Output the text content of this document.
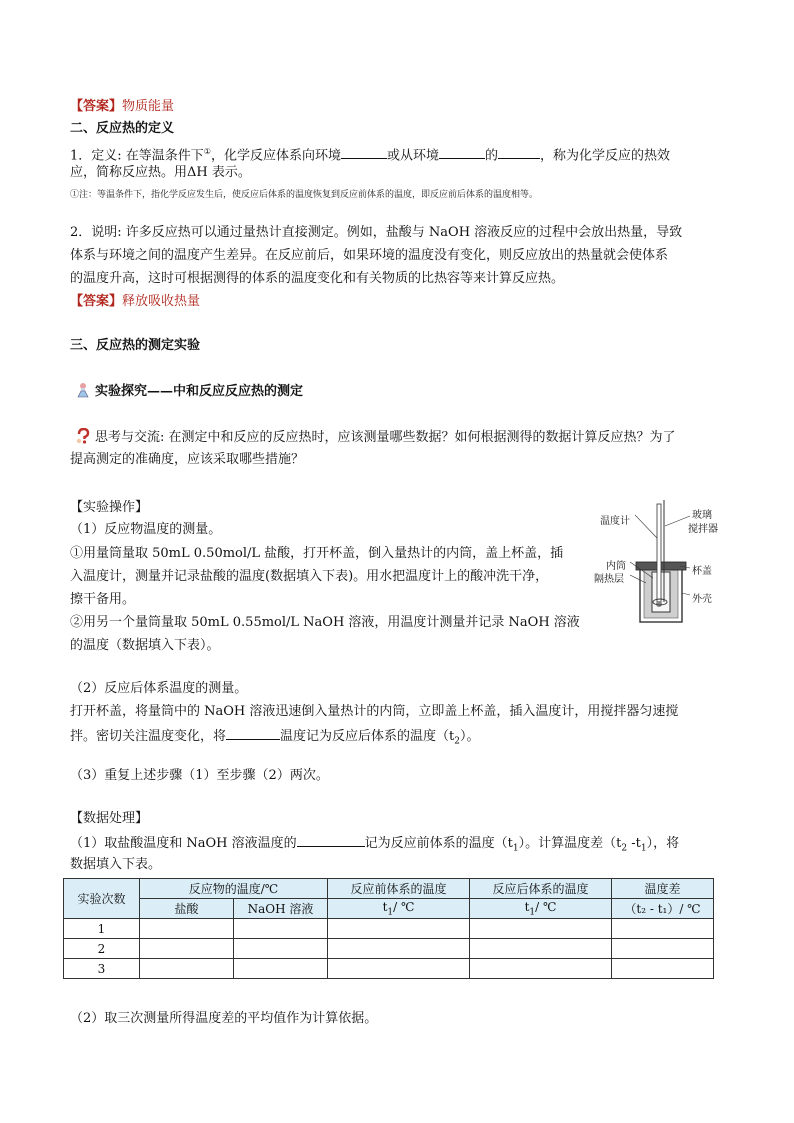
【答案】物质能量
二、反应热的定义
1．定义: 在等温条件下①，化学反应体系向环境	或从环境	的	，称为化学反应的热效
应，简称反应热。用ΔH 表示。
①注：等温条件下，指化学反应发生后，使反应后体系的温度恢复到反应前体系的温度，即反应前后体系的温度相等。
2．说明: 许多反应热可以通过量热计直接测定。例如，盐酸与 NaOH 溶液反应的过程中会放出热量，导致
体系与环境之间的温度产生差异。在反应前后，如果环境的温度没有变化，则反应放出的热量就会使体系
的温度升高，这时可根据测得的体系的温度变化和有关物质的比热容等来计算反应热。
【答案】释放吸收热量
三、反应热的测定实验
实验探究——中和反应反应热的测定
思考与交流: 在测定中和反应的反应热时，应该测量哪些数据？如何根据测得的数据计算反应热？为了
提高测定的准确度，应该采取哪些措施？
【实验操作】
（1）反应物温度的测量。
①用量筒量取 50mL 0.50mol/L 盐酸，打开杯盖，倒入量热计的内筒，盖上杯盖，插
入温度计，测量并记录盐酸的温度(数据填入下表)。用水把温度计上的酸冲洗干净，
擦干备用。
②用另一个量筒量取 50mL 0.55mol/L NaOH 溶液，用温度计测量并记录 NaOH 溶液
的温度（数据填入下表）。
温度计
玻璃
搅拌器
内筒
隔热层
杯盖
外壳
（2）反应后体系温度的测量。
打开杯盖，将量筒中的 NaOH 溶液迅速倒入量热计的内筒，立即盖上杯盖，插入温度计，用搅拌器匀速搅
拌。密切关注温度变化，将	温度记为反应后体系的温度$(t_2)$。
（3）重复上述步骤（1）至步骤（2）两次。
【数据处理】
（1）取盐酸温度和 NaOH 溶液温度的	记为反应前体系的温度$(t_1)$。计算温度差（$t_2$ $-t_1$），将
数据填入下表。
实验次数	反应物的温度/℃		反应前体系的温度	反应后体系的温度	温度差
	盐酸	NaOH 溶液	$t_1/$ ℃	$t_1/$ ℃	（t₂ - t₁）/ ℃
1					
2					
3					
（2）取三次测量所得温度差的平均值作为计算依据。
